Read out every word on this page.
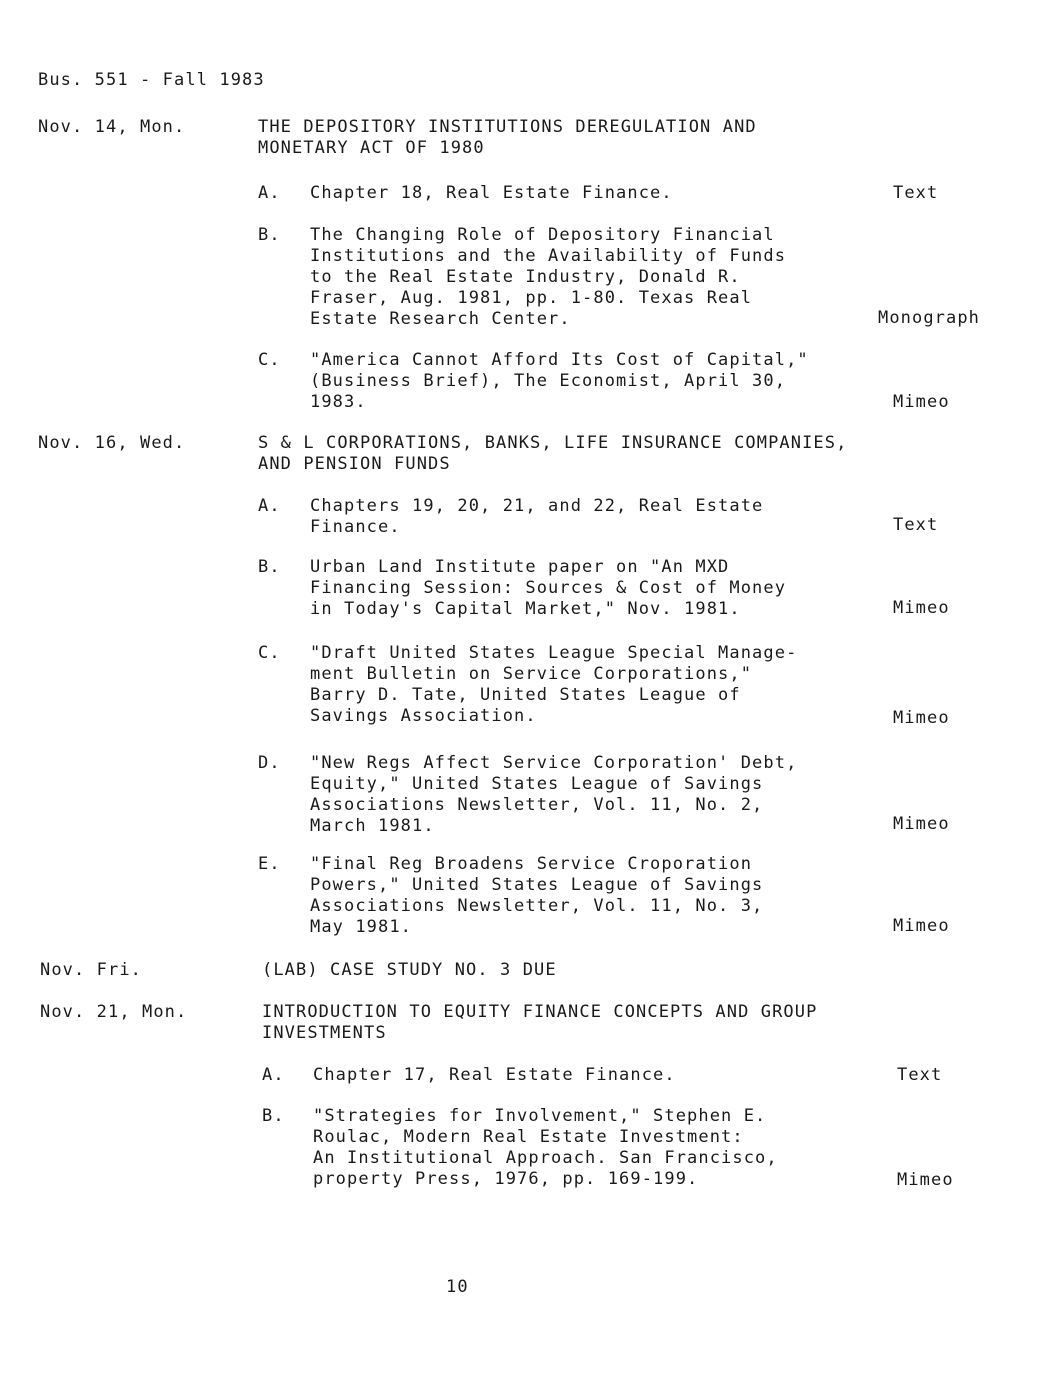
Bus. 551 - Fall 1983
Nov. 14, Mon.	THE DEPOSITORY INSTITUTIONS DEREGULATION AND
MONETARY ACT OF 1980
A. Chapter 18, Real Estate Finance.	Text
B. The Changing Role of Depository Financial
Institutions and the Availability of Funds
to the Real Estate Industry, Donald R.
Fraser, Aug. 1981, pp. 1-80. Texas Real
Estate Research Center.	Monograph
C. "America Cannot Afford Its Cost of Capital,"
(Business Brief), The Economist, April 30,
1983.	Mimeo
Nov. 16, Wed.	S & L CORPORATIONS, BANKS, LIFE INSURANCE COMPANIES,
AND PENSION FUNDS
A. Chapters 19, 20, 21, and 22, Real Estate
Finance.	Text
B. Urban Land Institute paper on "An MXD
Financing Session: Sources & Cost of Money
in Today's Capital Market," Nov. 1981.	Mimeo
C. "Draft United States League Special Manage-
ment Bulletin on Service Corporations,"
Barry D. Tate, United States League of
Savings Association.	Mimeo
D. "New Regs Affect Service Corporation' Debt,
Equity," United States League of Savings
Associations Newsletter, Vol. 11, No. 2,
March 1981.	Mimeo
E. "Final Reg Broadens Service Croporation
Powers," United States League of Savings
Associations Newsletter, Vol. 11, No. 3,
May 1981.	Mimeo
Nov. Fri.	(LAB) CASE STUDY NO. 3 DUE
Nov. 21, Mon.	INTRODUCTION TO EQUITY FINANCE CONCEPTS AND GROUP
INVESTMENTS
A. Chapter 17, Real Estate Finance.	Text
B. "Strategies for Involvement," Stephen E.
Roulac, Modern Real Estate Investment:
An Institutional Approach. San Francisco,
property Press, 1976, pp. 169-199.	Mimeo
10
